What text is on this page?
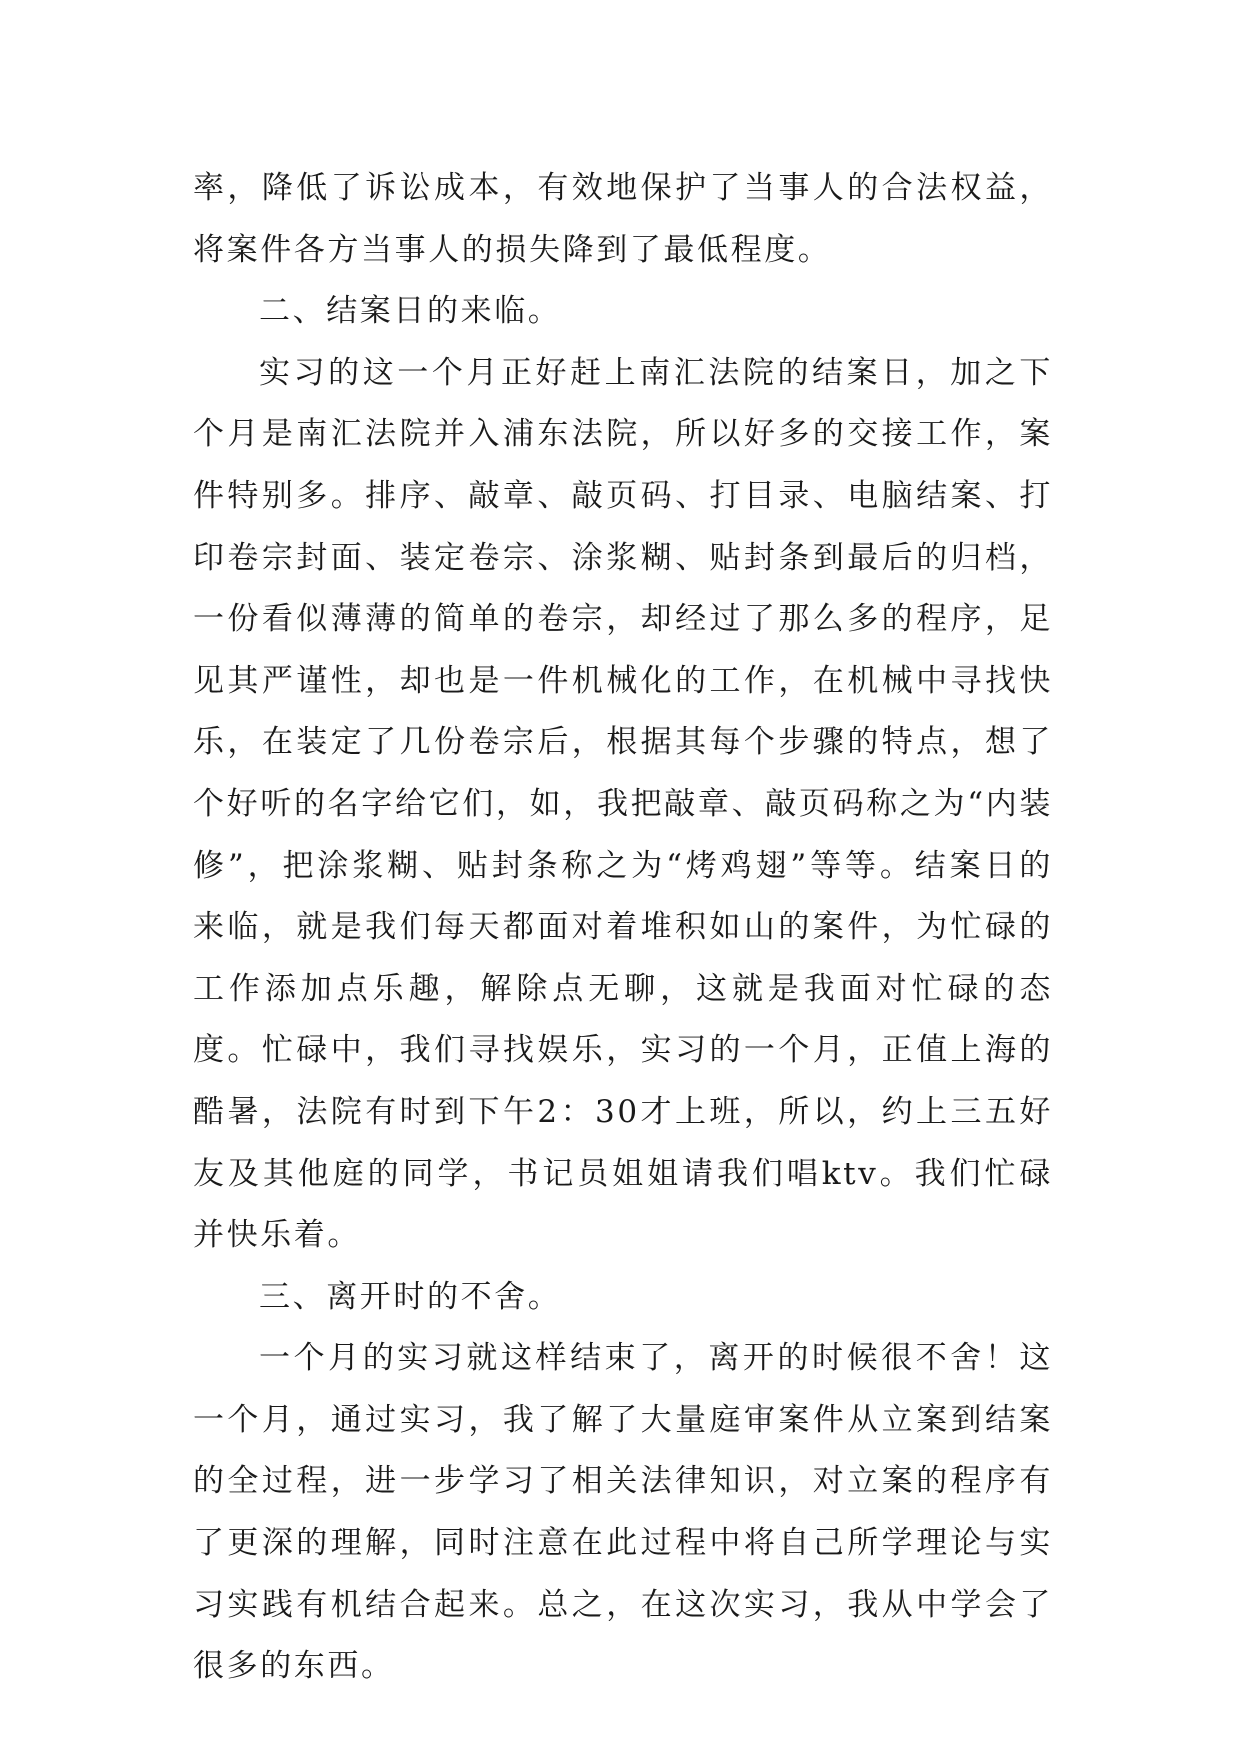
率，降低了诉讼成本，有效地保护了当事人的合法权益，将案件各方当事人的损失降到了最低程度。

二、结案日的来临。

实习的这一个月正好赶上南汇法院的结案日，加之下个月是南汇法院并入浦东法院，所以好多的交接工作，案件特别多。排序、敲章、敲页码、打目录、电脑结案、打印卷宗封面、装定卷宗、涂浆糊、贴封条到最后的归档，一份看似薄薄的简单的卷宗，却经过了那么多的程序，足见其严谨性，却也是一件机械化的工作，在机械中寻找快乐，在装定了几份卷宗后，根据其每个步骤的特点，想了个好听的名字给它们，如，我把敲章、敲页码称之为“内装修”，把涂浆糊、贴封条称之为“烤鸡翅”等等。结案日的来临，就是我们每天都面对着堆积如山的案件，为忙碌的工作添加点乐趣，解除点无聊，这就是我面对忙碌的态度。忙碌中，我们寻找娱乐，实习的一个月，正值上海的酷暑，法院有时到下午2：30才上班，所以，约上三五好友及其他庭的同学，书记员姐姐请我们唱ktv。我们忙碌并快乐着。

三、离开时的不舍。

一个月的实习就这样结束了，离开的时候很不舍！这一个月，通过实习，我了解了大量庭审案件从立案到结案的全过程，进一步学习了相关法律知识，对立案的程序有了更深的理解，同时注意在此过程中将自己所学理论与实习实践有机结合起来。总之，在这次实习，我从中学会了很多的东西。
